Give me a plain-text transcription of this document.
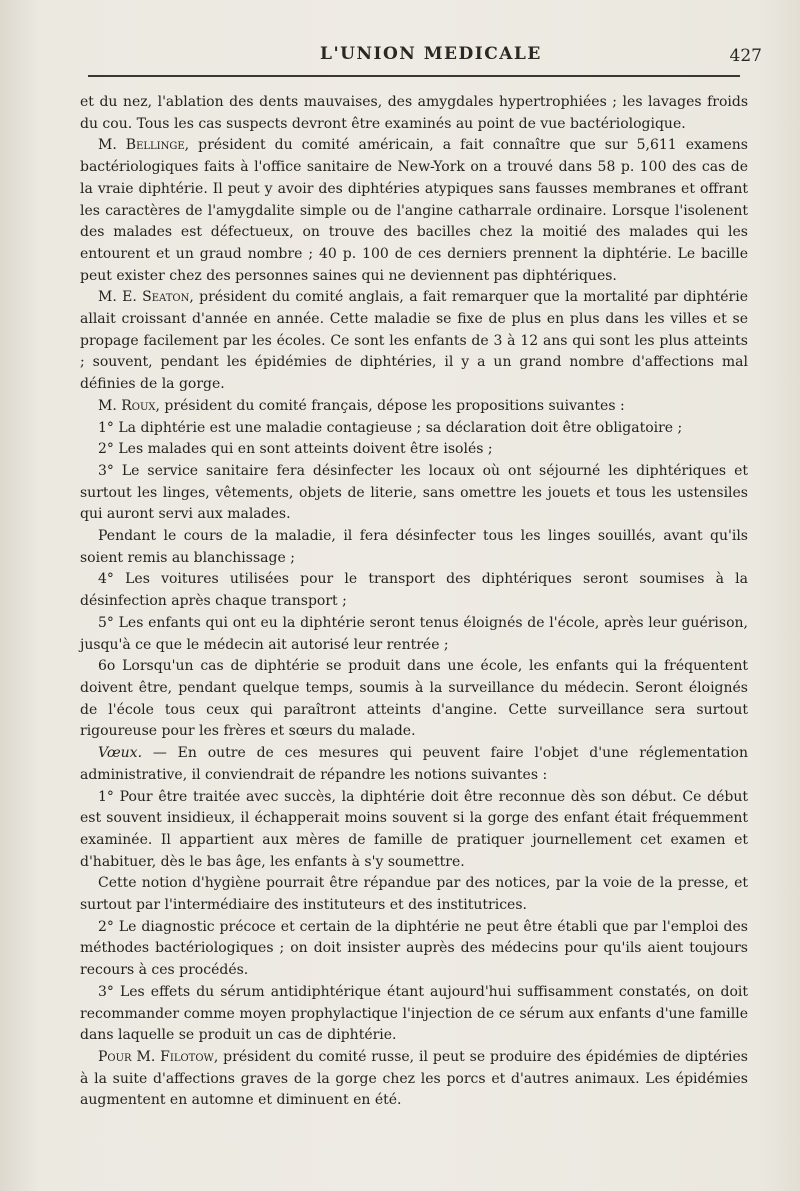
L'UNION MEDICALE	427

et du nez, l'ablation des dents mauvaises, des amygdales hypertrophiées ; les lavages froids du cou. Tous les cas suspects devront être examinés au point de vue bactériologique.

M. Bellinge, président du comité américain, a fait connaître que sur 5,611 examens bactériologiques faits à l'office sanitaire de New-York on a trouvé dans 58 p. 100 des cas de la vraie diphtérie. Il peut y avoir des diphtéries atypiques sans fausses membranes et offrant les caractères de l'amygdalite simple ou de l'angine catharrale ordinaire. Lorsque l'isolenent des malades est défectueux, on trouve des bacilles chez la moitié des malades qui les entourent et un graud nombre ; 40 p. 100 de ces derniers prennent la diphtérie. Le bacille peut exister chez des personnes saines qui ne deviennent pas diphtériques.

M. E. Seaton, président du comité anglais, a fait remarquer que la mortalité par diphtérie allait croissant d'année en année. Cette maladie se fixe de plus en plus dans les villes et se propage facilement par les écoles. Ce sont les enfants de 3 à 12 ans qui sont les plus atteints ; souvent, pendant les épidémies de diphtéries, il y a un grand nombre d'affections mal définies de la gorge.

M. Roux, président du comité français, dépose les propositions suivantes :

1° La diphtérie est une maladie contagieuse ; sa déclaration doit être obligatoire ;

2° Les malades qui en sont atteints doivent être isolés ;

3° Le service sanitaire fera désinfecter les locaux où ont séjourné les diphtériques et surtout les linges, vêtements, objets de literie, sans omettre les jouets et tous les ustensiles qui auront servi aux malades.

Pendant le cours de la maladie, il fera désinfecter tous les linges souillés, avant qu'ils soient remis au blanchissage ;

4° Les voitures utilisées pour le transport des diphtériques seront soumises à la désinfection après chaque transport ;

5° Les enfants qui ont eu la diphtérie seront tenus éloignés de l'école, après leur guérison, jusqu'à ce que le médecin ait autorisé leur rentrée ;

6o Lorsqu'un cas de diphtérie se produit dans une école, les enfants qui la fréquentent doivent être, pendant quelque temps, soumis à la surveillance du médecin. Seront éloignés de l'école tous ceux qui paraîtront atteints d'angine. Cette surveillance sera surtout rigoureuse pour les frères et sœurs du malade.

Vœux. — En outre de ces mesures qui peuvent faire l'objet d'une réglementation administrative, il conviendrait de répandre les notions suivantes :

1° Pour être traitée avec succès, la diphtérie doit être reconnue dès son début. Ce début est souvent insidieux, il échapperait moins souvent si la gorge des enfant était fréquemment examinée. Il appartient aux mères de famille de pratiquer journellement cet examen et d'habituer, dès le bas âge, les enfants à s'y soumettre.

Cette notion d'hygiène pourrait être répandue par des notices, par la voie de la presse, et surtout par l'intermédiaire des instituteurs et des institutrices.

2° Le diagnostic précoce et certain de la diphtérie ne peut être établi que par l'emploi des méthodes bactériologiques ; on doit insister auprès des médecins pour qu'ils aient toujours recours à ces procédés.

3° Les effets du sérum antidiphtérique étant aujourd'hui suffisamment constatés, on doit recommander comme moyen prophylactique l'injection de ce sérum aux enfants d'une famille dans laquelle se produit un cas de diphtérie.

Pour M. Filotow, président du comité russe, il peut se produire des épidémies de diptéries à la suite d'affections graves de la gorge chez les porcs et d'autres animaux. Les épidémies augmentent en automne et diminuent en été.
